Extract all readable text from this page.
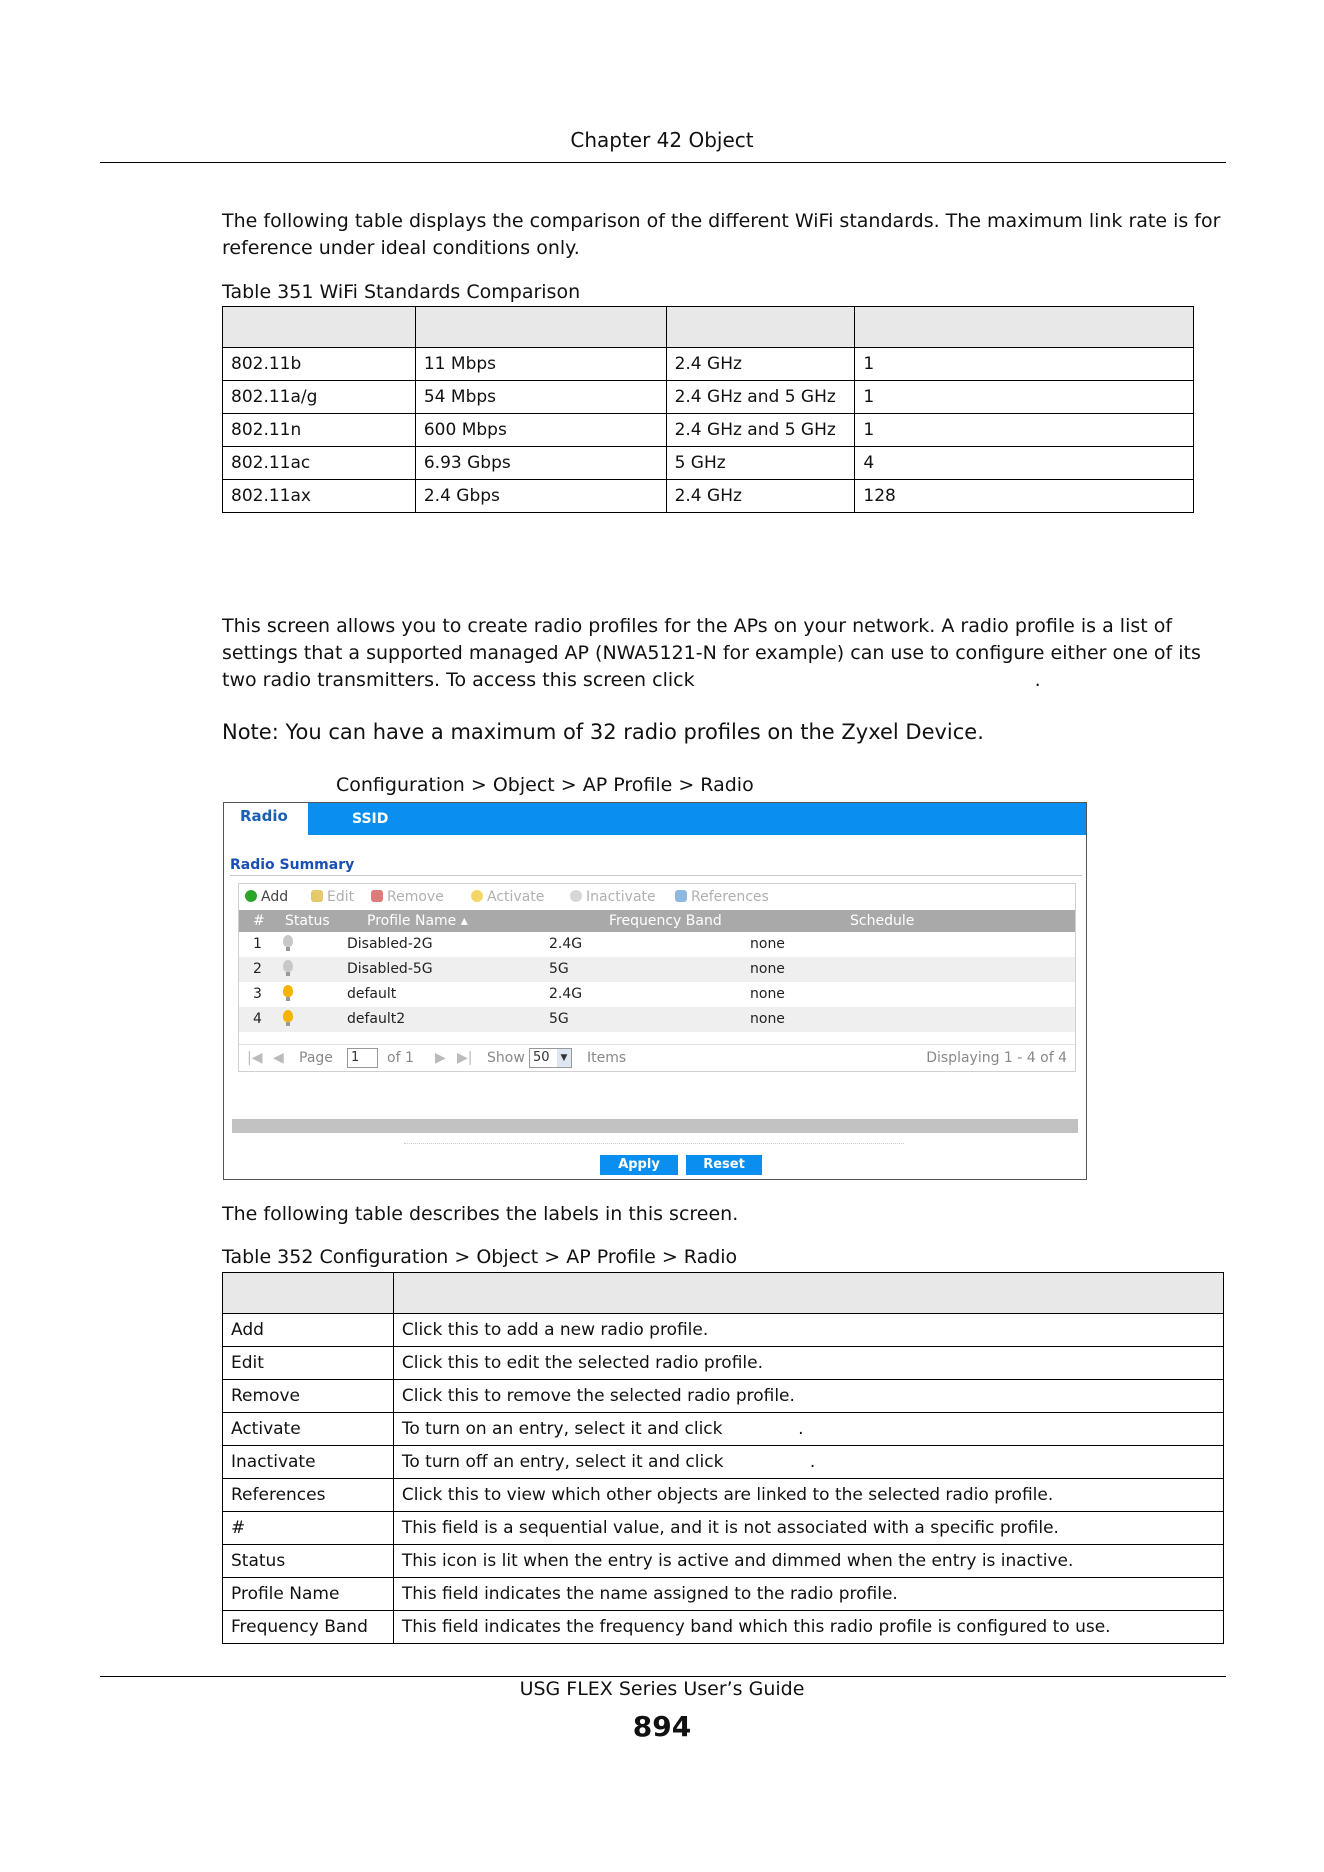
Chapter 42 Object
The following table displays the comparison of the different WiFi standards. The maximum link rate is for reference under ideal conditions only.
Table 351 WiFi Standards Comparison

802.11b	11 Mbps	2.4 GHz	1
802.11a/g	54 Mbps	2.4 GHz and 5 GHz	1
802.11n	600 Mbps	2.4 GHz and 5 GHz	1
802.11ac	6.93 Gbps	5 GHz	4
802.11ax	2.4 Gbps	2.4 GHz	128
This screen allows you to create radio profiles for the APs on your network. A radio profile is a list of settings that a supported managed AP (NWA5121-N for example) can use to configure either one of its two radio transmitters. To access this screen click	.
Note: You can have a maximum of 32 radio profiles on the Zyxel Device.
Configuration > Object > AP Profile > Radio
Radio	SSID
Radio Summary
Add	Edit	Remove	Activate	Inactivate	References
# Status	Profile Name ▴	Frequency Band	Schedule
1	Disabled-2G	2.4G	none
2	Disabled-5G	5G	none
3	default	2.4G	none
4	default2	5G	none
|◀ ◀ Page	1	of 1 ▶ ▶| Show 50	▼ Items	Displaying 1 - 4 of 4
Apply	Reset
The following table describes the labels in this screen.
Table 352 Configuration > Object > AP Profile > Radio

Add	Click this to add a new radio profile.
Edit	Click this to edit the selected radio profile.
Remove	Click this to remove the selected radio profile.
Activate	To turn on an entry, select it and click              .
Inactivate	To turn off an entry, select it and click                .
References	Click this to view which other objects are linked to the selected radio profile.
#	This field is a sequential value, and it is not associated with a specific profile.
Status	This icon is lit when the entry is active and dimmed when the entry is inactive.
Profile Name	This field indicates the name assigned to the radio profile.
Frequency Band	This field indicates the frequency band which this radio profile is configured to use.
USG FLEX Series User’s Guide
894
